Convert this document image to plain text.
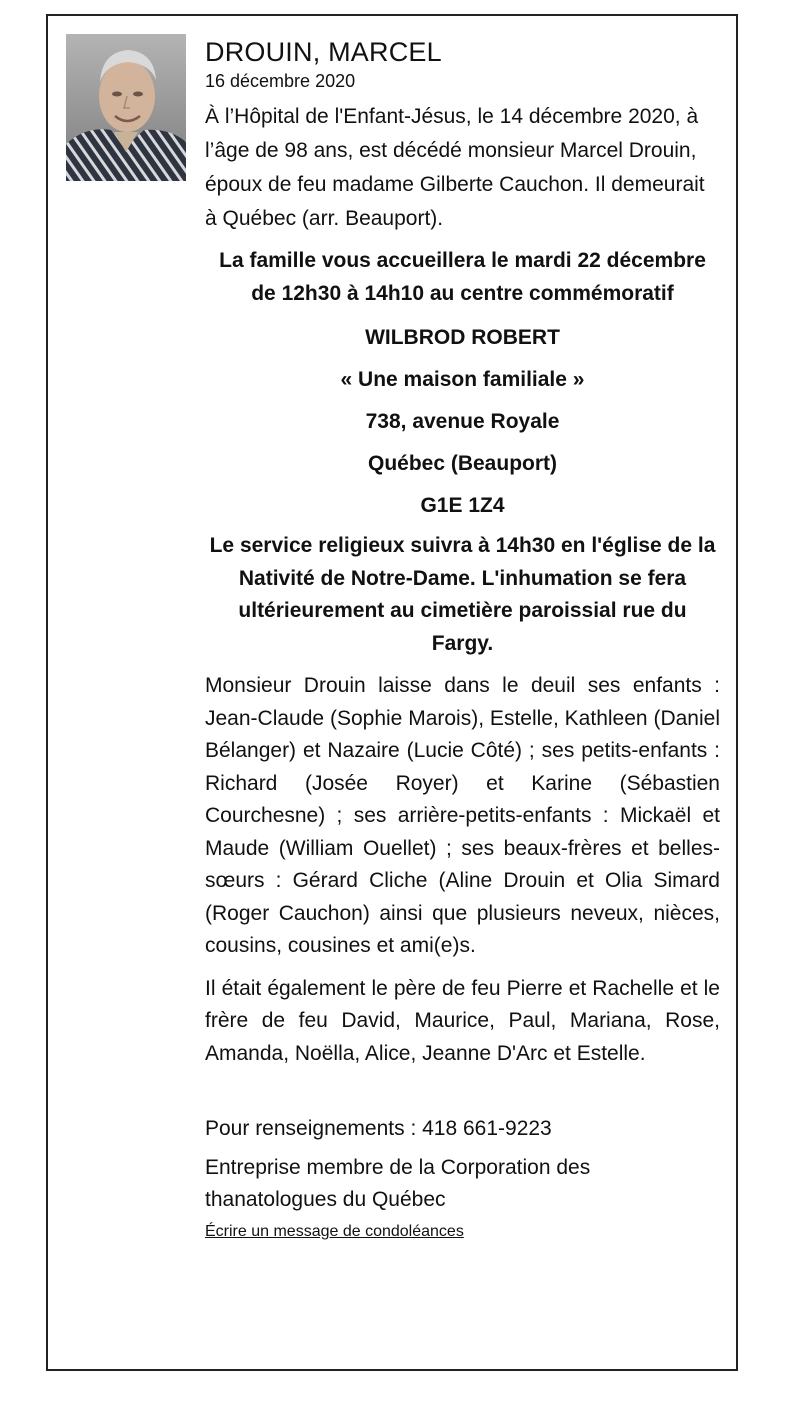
DROUIN, MARCEL
16 décembre 2020

À l’Hôpital de l'Enfant-Jésus, le 14 décembre 2020, à l’âge de 98 ans, est décédé monsieur Marcel Drouin, époux de feu madame Gilberte Cauchon. Il demeurait à Québec (arr. Beauport).

La famille vous accueillera le mardi 22 décembre de 12h30 à 14h10 au centre commémoratif

WILBROD ROBERT

« Une maison familiale »

738, avenue Royale

Québec (Beauport)

G1E 1Z4

Le service religieux suivra à 14h30 en l'église de la Nativité de Notre-Dame. L'inhumation se fera ultérieurement au cimetière paroissial rue du Fargy.

Monsieur Drouin laisse dans le deuil ses enfants : Jean-Claude (Sophie Marois), Estelle, Kathleen (Daniel Bélanger) et Nazaire (Lucie Côté) ; ses petits-enfants : Richard (Josée Royer) et Karine (Sébastien Courchesne) ; ses arrière-petits-enfants : Mickaël et Maude (William Ouellet) ; ses beaux-frères et belles-sœurs : Gérard Cliche (Aline Drouin et Olia Simard (Roger Cauchon) ainsi que plusieurs neveux, nièces, cousins, cousines et ami(e)s.

Il était également le père de feu Pierre et Rachelle et le frère de feu David, Maurice, Paul, Mariana, Rose, Amanda, Noëlla, Alice, Jeanne D'Arc et Estelle.

Pour renseignements : 418 661-9223

Entreprise membre de la Corporation des thanatologues du Québec

Écrire un message de condoléances
